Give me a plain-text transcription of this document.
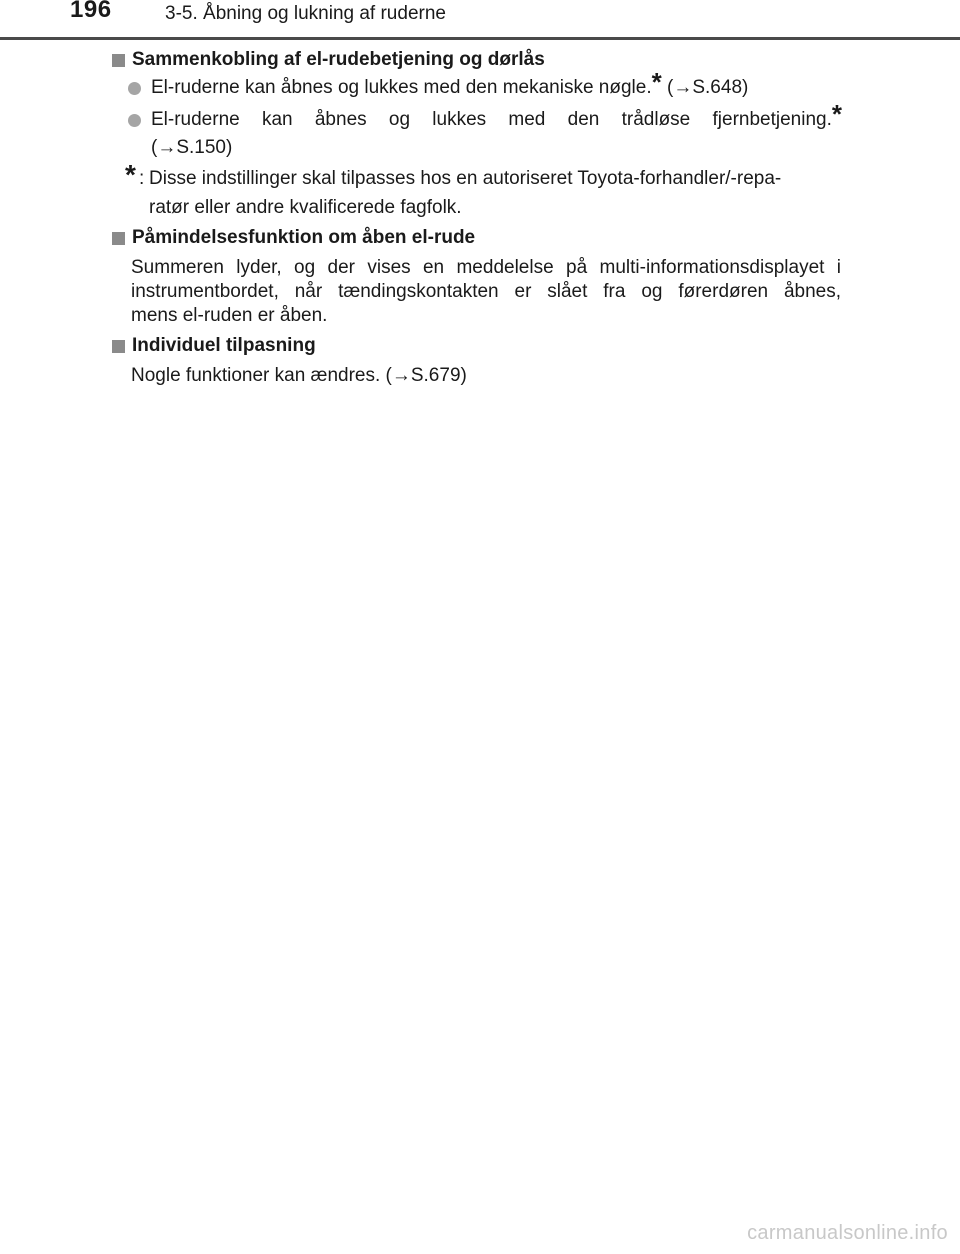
196	3-5. Åbning og lukning af ruderne
Sammenkobling af el-rudebetjening og dørlås
El-ruderne kan åbnes og lukkes med den mekaniske nøgle.* (→S.648)
El-ruderne kan åbnes og lukkes med den trådløse fjernbetjening.*
(→S.150)
* : Disse indstillinger skal tilpasses hos en autoriseret Toyota-forhandler/-repa-
ratør eller andre kvalificerede fagfolk.
Påmindelsesfunktion om åben el-rude
Summeren lyder, og der vises en meddelelse på multi-informationsdisplayet i
instrumentbordet, når tændingskontakten er slået fra og førerdøren åbnes,
mens el-ruden er åben.
Individuel tilpasning
Nogle funktioner kan ændres. (→S.679)
carmanualsonline.info
